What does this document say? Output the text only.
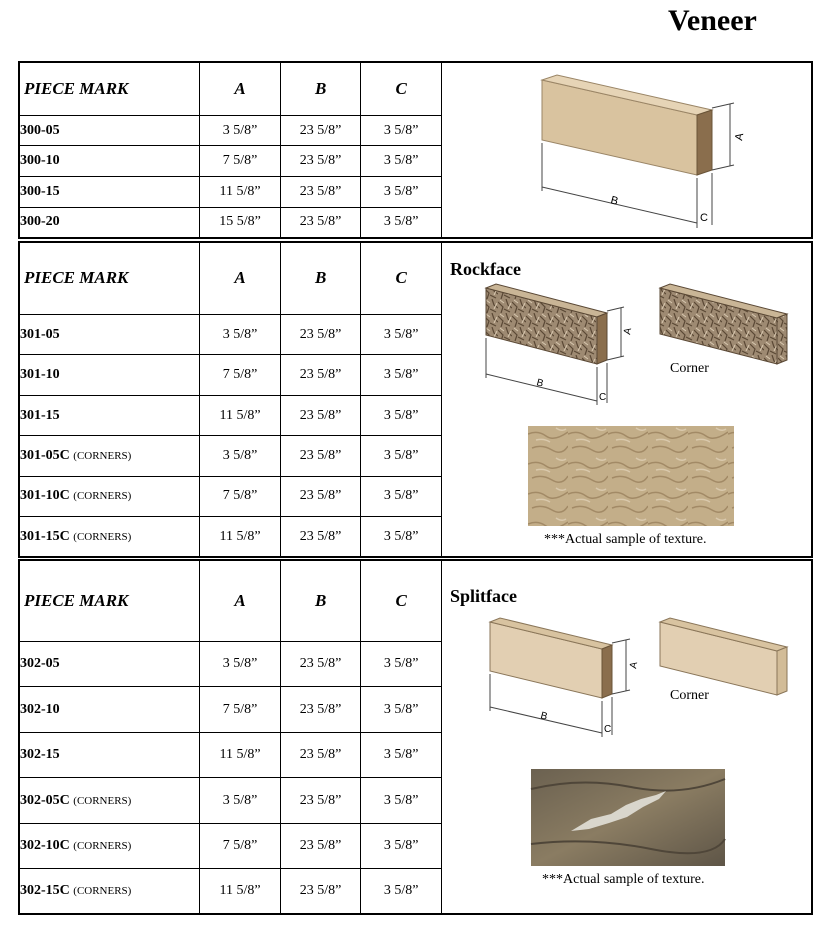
Veneer
PIECE MARK	A	B	C
300-05	3 5/8”	23 5/8”	3 5/8”
300-10	7 5/8”	23 5/8”	3 5/8”
300-15	11 5/8”	23 5/8”	3 5/8”
300-20	15 5/8”	23 5/8”	3 5/8”
A
B
C
PIECE MARK	A	B	C
301-05	3 5/8”	23 5/8”	3 5/8”
301-10	7 5/8”	23 5/8”	3 5/8”
301-15	11 5/8”	23 5/8”	3 5/8”
301-05C (CORNERS)	3 5/8”	23 5/8”	3 5/8”
301-10C (CORNERS)	7 5/8”	23 5/8”	3 5/8”
301-15C (CORNERS)	11 5/8”	23 5/8”	3 5/8”
Rockface
A
B
C
Corner
***Actual sample of texture.
PIECE MARK	A	B	C
302-05	3 5/8”	23 5/8”	3 5/8”
302-10	7 5/8”	23 5/8”	3 5/8”
302-15	11 5/8”	23 5/8”	3 5/8”
302-05C (CORNERS)	3 5/8”	23 5/8”	3 5/8”
302-10C (CORNERS)	7 5/8”	23 5/8”	3 5/8”
302-15C (CORNERS)	11 5/8”	23 5/8”	3 5/8”
Splitface
A
B
C
Corner
***Actual sample of texture.
